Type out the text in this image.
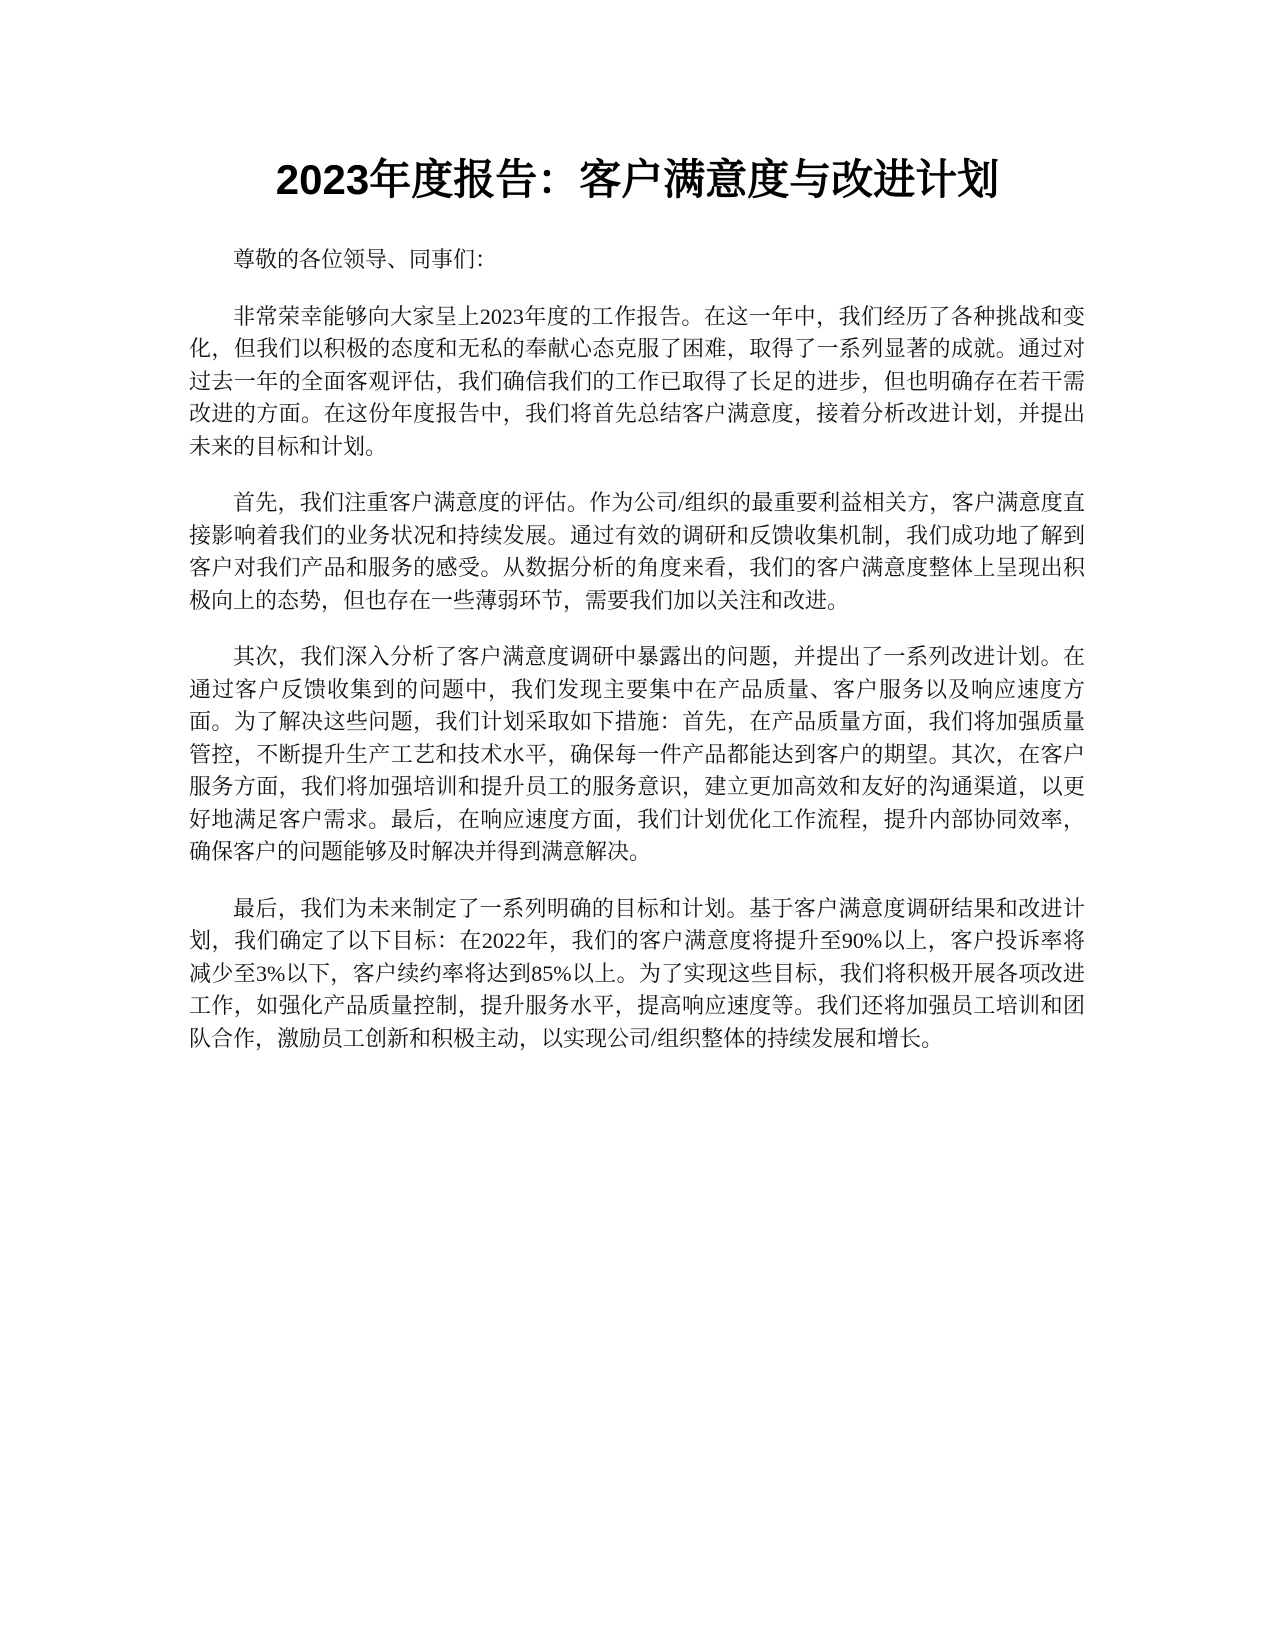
2023年度报告：客户满意度与改进计划

尊敬的各位领导、同事们：

非常荣幸能够向大家呈上2023年度的工作报告。在这一年中，我们经历了各种挑战和变化，但我们以积极的态度和无私的奉献心态克服了困难，取得了一系列显著的成就。通过对过去一年的全面客观评估，我们确信我们的工作已取得了长足的进步，但也明确存在若干需改进的方面。在这份年度报告中，我们将首先总结客户满意度，接着分析改进计划，并提出未来的目标和计划。

首先，我们注重客户满意度的评估。作为公司/组织的最重要利益相关方，客户满意度直接影响着我们的业务状况和持续发展。通过有效的调研和反馈收集机制，我们成功地了解到客户对我们产品和服务的感受。从数据分析的角度来看，我们的客户满意度整体上呈现出积极向上的态势，但也存在一些薄弱环节，需要我们加以关注和改进。

其次，我们深入分析了客户满意度调研中暴露出的问题，并提出了一系列改进计划。在通过客户反馈收集到的问题中，我们发现主要集中在产品质量、客户服务以及响应速度方面。为了解决这些问题，我们计划采取如下措施：首先，在产品质量方面，我们将加强质量管控，不断提升生产工艺和技术水平，确保每一件产品都能达到客户的期望。其次，在客户服务方面，我们将加强培训和提升员工的服务意识，建立更加高效和友好的沟通渠道，以更好地满足客户需求。最后，在响应速度方面，我们计划优化工作流程，提升内部协同效率，确保客户的问题能够及时解决并得到满意解决。

最后，我们为未来制定了一系列明确的目标和计划。基于客户满意度调研结果和改进计划，我们确定了以下目标：在2022年，我们的客户满意度将提升至90%以上，客户投诉率将减少至3%以下，客户续约率将达到85%以上。为了实现这些目标，我们将积极开展各项改进工作，如强化产品质量控制，提升服务水平，提高响应速度等。我们还将加强员工培训和团队合作，激励员工创新和积极主动，以实现公司/组织整体的持续发展和增长。
